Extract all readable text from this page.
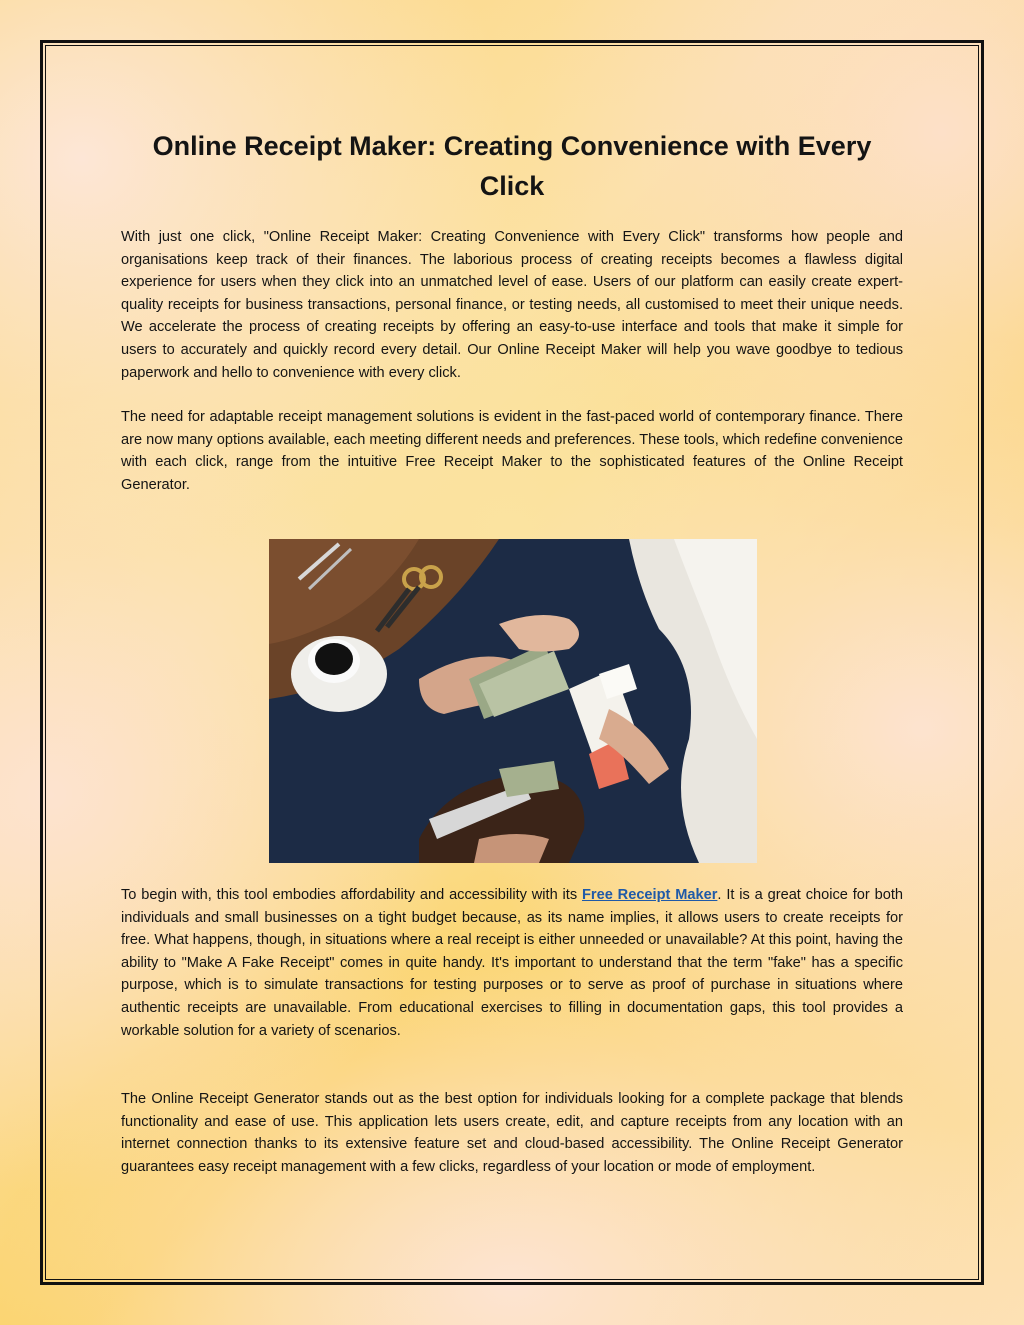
Online Receipt Maker: Creating Convenience with Every Click

With just one click, "Online Receipt Maker: Creating Convenience with Every Click" transforms how people and organisations keep track of their finances. The laborious process of creating receipts becomes a flawless digital experience for users when they click into an unmatched level of ease. Users of our platform can easily create expert-quality receipts for business transactions, personal finance, or testing needs, all customised to meet their unique needs. We accelerate the process of creating receipts by offering an easy-to-use interface and tools that make it simple for users to accurately and quickly record every detail. Our Online Receipt Maker will help you wave goodbye to tedious paperwork and hello to convenience with every click.

The need for adaptable receipt management solutions is evident in the fast-paced world of contemporary finance. There are now many options available, each meeting different needs and preferences. These tools, which redefine convenience with each click, range from the intuitive Free Receipt Maker to the sophisticated features of the Online Receipt Generator.

To begin with, this tool embodies affordability and accessibility with its Free Receipt Maker. It is a great choice for both individuals and small businesses on a tight budget because, as its name implies, it allows users to create receipts for free. What happens, though, in situations where a real receipt is either unneeded or unavailable? At this point, having the ability to "Make A Fake Receipt" comes in quite handy. It's important to understand that the term "fake" has a specific purpose, which is to simulate transactions for testing purposes or to serve as proof of purchase in situations where authentic receipts are unavailable. From educational exercises to filling in documentation gaps, this tool provides a workable solution for a variety of scenarios.

The Online Receipt Generator stands out as the best option for individuals looking for a complete package that blends functionality and ease of use. This application lets users create, edit, and capture receipts from any location with an internet connection thanks to its extensive feature set and cloud-based accessibility. The Online Receipt Generator guarantees easy receipt management with a few clicks, regardless of your location or mode of employment.
